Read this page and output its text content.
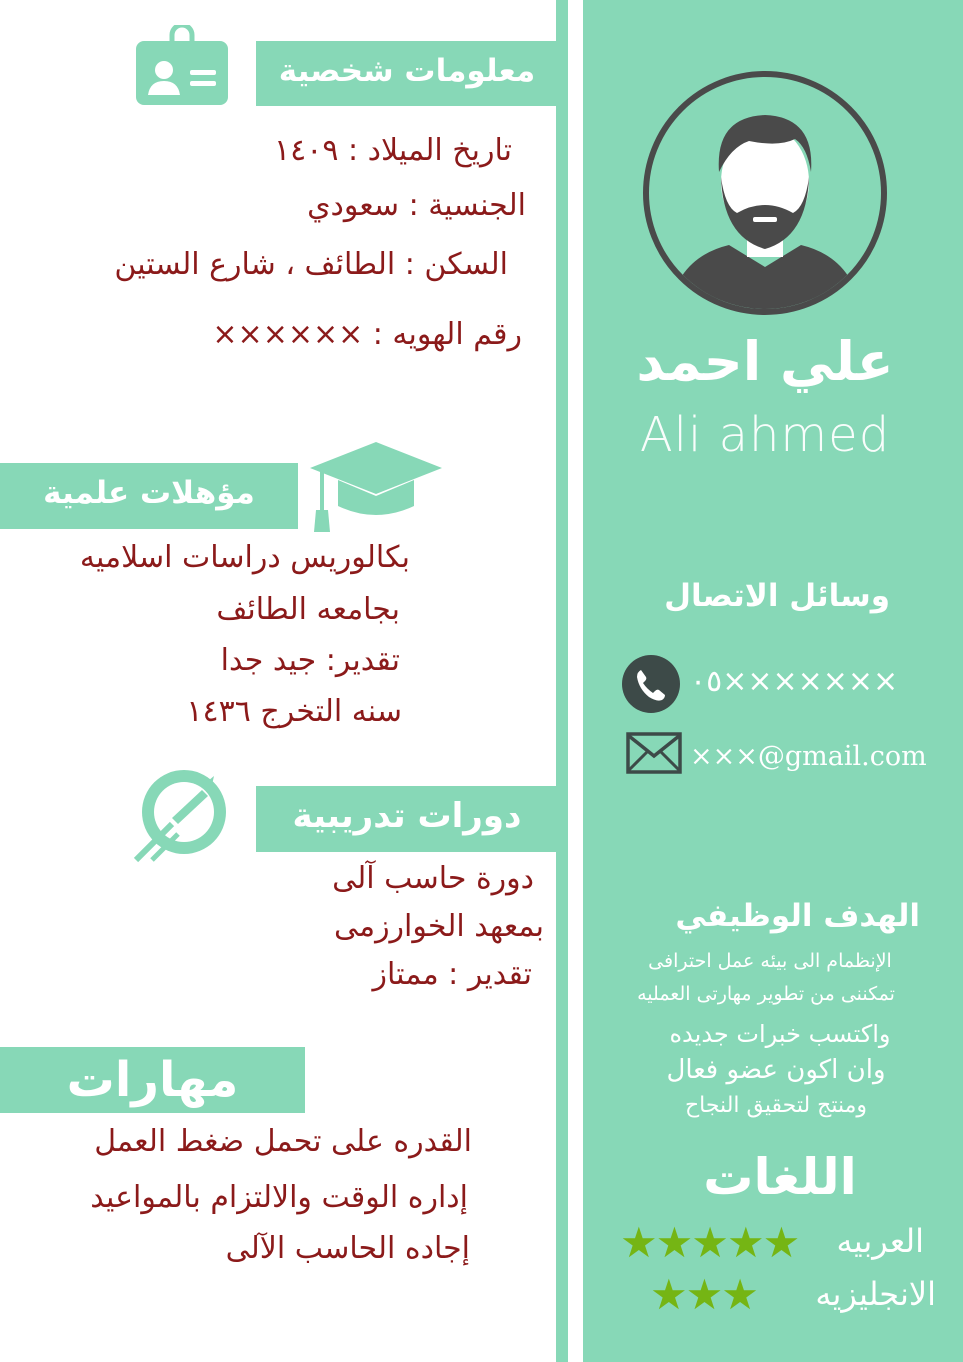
علي احمد
Ali ahmed
وسائل الاتصال
٠٥×××××××
×××@gmail.com
الهدف الوظيفي
الإنظمام الى بيئه عمل احترافى
تمكننى من تطوير مهارتى العمليه
واكتسب خبرات جديده
وان اكون عضو فعال
ومنتج لتحقيق النجاح
اللغات
العربيه
★★★★★
الانجليزيه
★★★
معلومات شخصية
تاريخ الميلاد : ١٤٠٩
الجنسية : سعودي
السكن : الطائف ، شارع الستين
رقم الهويه : ××××××
مؤهلات علمية
بكالوريس دراسات اسلاميه
بجامعه الطائف
تقدير: جيد جدا
سنه التخرج ١٤٣٦
دورات تدريبية
دورة حاسب آلى
بمعهد الخوارزمى
تقدير : ممتاز
مهارات
القدره على تحمل ضغط العمل
إداره الوقت والالتزام بالمواعيد
إجاده الحاسب الآلى
